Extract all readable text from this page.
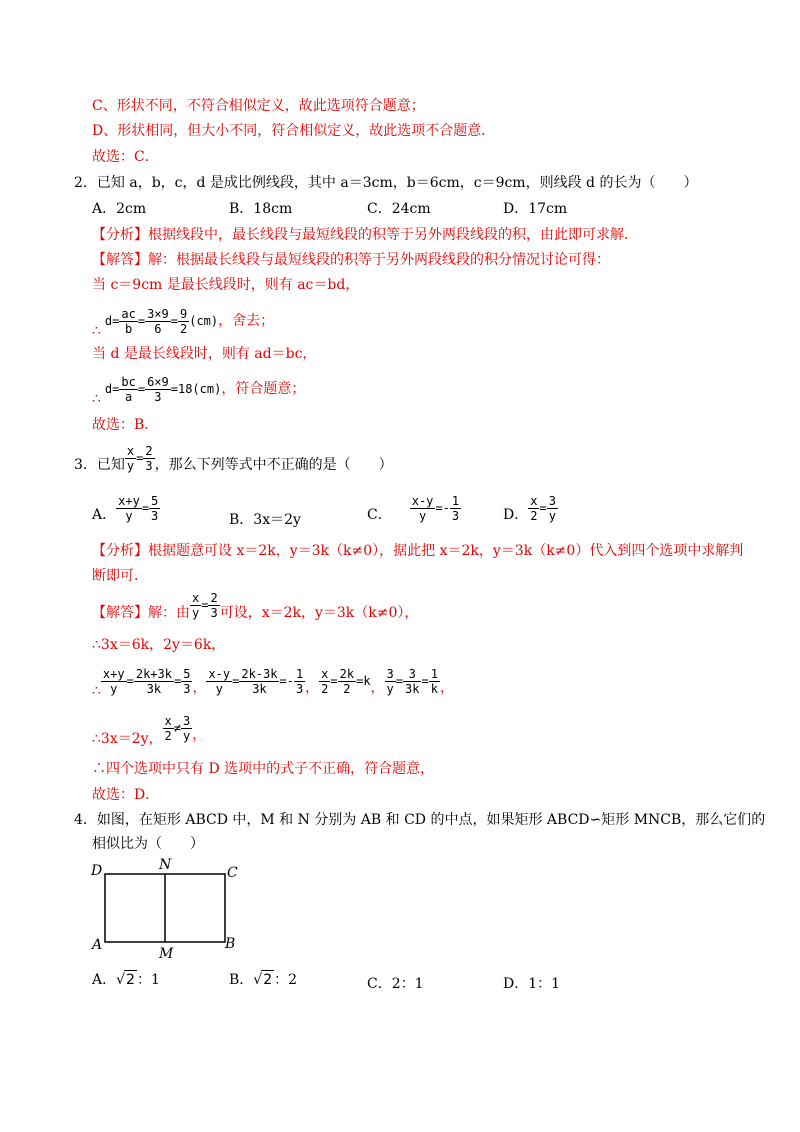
C、形状不同，不符合相似定义，故此选项符合题意；
D、形状相同，但大小不同，符合相似定义，故此选项不合题意．
故选：C．
2．已知 a，b，c，d 是成比例线段，其中 a＝3cm，b＝6cm，c＝9cm，则线段 d 的长为（　　）
A．2cm	B．18cm	C．24cm	D．17cm
【分析】根据线段中，最长线段与最短线段的积等于另外两段线段的积，由此即可求解．
【解答】解：根据最长线段与最短线段的积等于另外两段线段的积分情况讨论可得：
当 c＝9cm 是最长线段时，则有 ac＝bd，
∴
$d= \frac{ac}{b} = \frac{3\times 9}{6} = \frac{9}{2} (cm)$ ，舍去；
当 d 是最长线段时，则有 ad＝bc，
∴
$d= \frac{bc}{a} = \frac{6\times 9}{3} =18(cm)$ ，符合题意；
故选：B．
3．已知 $\frac{x}{y} = \frac{2}{3}$ ，那么下列等式中不正确的是（　　）
A． $\frac{x+y}{y} = \frac{5}{3}$	B．3x＝2y	C． $\frac{x-y}{y} =- \frac{1}{3}$	D． $\frac{x}{2} = \frac{3}{y}$
【分析】根据题意可设 x＝2k，y＝3k（k≠0），据此把 x＝2k，y＝3k（k≠0）代入到四个选项中求解判
断即可．
【解答】解：由 $\frac{x}{y} = \frac{2}{3}$ 可设，x＝2k，y＝3k（k≠0），
∴3x＝6k，2y＝6k，
∴ $\frac{x+y}{y} = \frac{2k+3k}{3k} = \frac{5}{3}$ ， $\frac{x-y}{y} = \frac{2k-3k}{3k} =- \frac{1}{3}$ ， $\frac{x}{2} = \frac{2k}{2} =k$ ， $\frac{3}{y} = \frac{3}{3k} = \frac{1}{k}$ ，
∴3x＝2y， $\frac{x}{2} \ne \frac{3}{y}$ ，
∴四个选项中只有 D 选项中的式子不正确，符合题意，
故选：D．
4．如图，在矩形 ABCD 中，M 和 N 分别为 AB 和 CD 的中点，如果矩形 ABCD∽矩形 MNCB，那么它们的
相似比为（　　）
D	N	C
A
M
B
A．√2 ：1	B．√2 ：2	C．2：1	D．1：1
